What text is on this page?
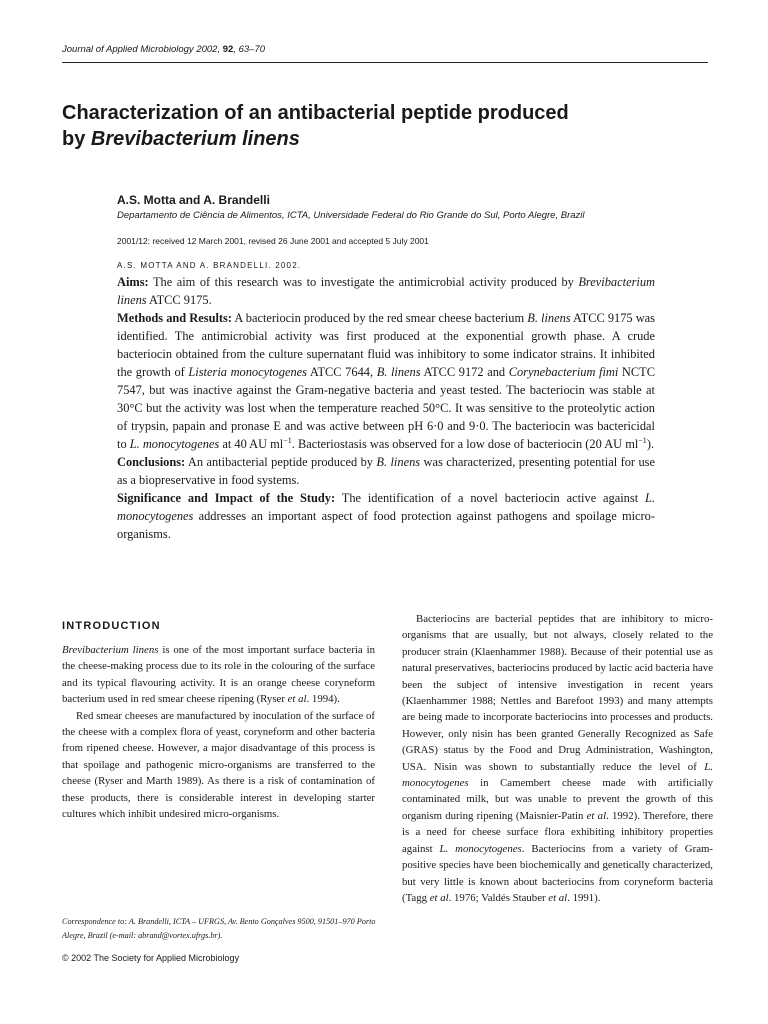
Journal of Applied Microbiology 2002, 92, 63–70
Characterization of an antibacterial peptide produced
by Brevibacterium linens
A.S. Motta and A. Brandelli
Departamento de Ciência de Alimentos, ICTA, Universidade Federal do Rio Grande do Sul, Porto Alegre, Brazil
2001/12: received 12 March 2001, revised 26 June 2001 and accepted 5 July 2001
A.S. MOTTA AND A. BRANDELLI. 2002.

Aims: The aim of this research was to investigate the antimicrobial activity produced by Brevibacterium linens ATCC 9175.

Methods and Results: A bacteriocin produced by the red smear cheese bacterium B. linens ATCC 9175 was identified. The antimicrobial activity was first produced at the exponential growth phase. A crude bacteriocin obtained from the culture supernatant fluid was inhibitory to some indicator strains. It inhibited the growth of Listeria monocytogenes ATCC 7644, B. linens ATCC 9172 and Corynebacterium fimi NCTC 7547, but was inactive against the Gram-negative bacteria and yeast tested. The bacteriocin was stable at 30°C but the activity was lost when the temperature reached 50°C. It was sensitive to the proteolytic action of trypsin, papain and pronase E and was active between pH 6·0 and 9·0. The bacteriocin was bactericidal to L. monocytogenes at 40 AU $ml^{-1}$. Bacteriostasis was observed for a low dose of bacteriocin (20 AU $ml^{-1}$).

Conclusions: An antibacterial peptide produced by B. linens was characterized, presenting potential for use as a biopreservative in food systems.

Significance and Impact of the Study: The identification of a novel bacteriocin active against L. monocytogenes addresses an important aspect of food protection against pathogens and spoilage micro-organisms.

INTRODUCTION

Brevibacterium linens is one of the most important surface bacteria in the cheese-making process due to its role in the colouring of the surface and its typical flavouring activity. It is an orange cheese coryneform bacterium used in red smear cheese ripening (Ryser et al. 1994).

Red smear cheeses are manufactured by inoculation of the surface of the cheese with a complex flora of yeast, coryneform and other bacteria from ripened cheese. However, a major disadvantage of this process is that spoilage and pathogenic micro-organisms are transferred to the cheese (Ryser and Marth 1989). As there is a risk of contamination of these products, there is considerable interest in developing starter cultures which inhibit undesired micro-organisms.

Bacteriocins are bacterial peptides that are inhibitory to micro-organisms that are usually, but not always, closely related to the producer strain (Klaenhammer 1988). Because of their potential use as natural preservatives, bacteriocins produced by lactic acid bacteria have been the subject of intensive investigation in recent years (Klaenhammer 1988; Nettles and Barefoot 1993) and many attempts are being made to incorporate bacteriocins into processes and products. However, only nisin has been granted Generally Recognized as Safe (GRAS) status by the Food and Drug Administration, Washington, USA. Nisin was shown to substantially reduce the level of L. monocytogenes in Camembert cheese made with artificially contaminated milk, but was unable to prevent the growth of this organism during ripening (Maisnier-Patin et al. 1992). Therefore, there is a need for cheese surface flora exhibiting inhibitory properties against L. monocytogenes. Bacteriocins from a variety of Gram-positive species have been biochemically and genetically characterized, but very little is known about bacteriocins from coryneform bacteria (Tagg et al. 1976; Valdés Stauber et al. 1991).

Correspondence to: A. Brandelli, ICTA – UFRGS, Av. Bento Gonçalves 9500, 91501–970 Porto Alegre, Brazil (e-mail: abrand@vortex.ufrgs.br).
© 2002 The Society for Applied Microbiology
